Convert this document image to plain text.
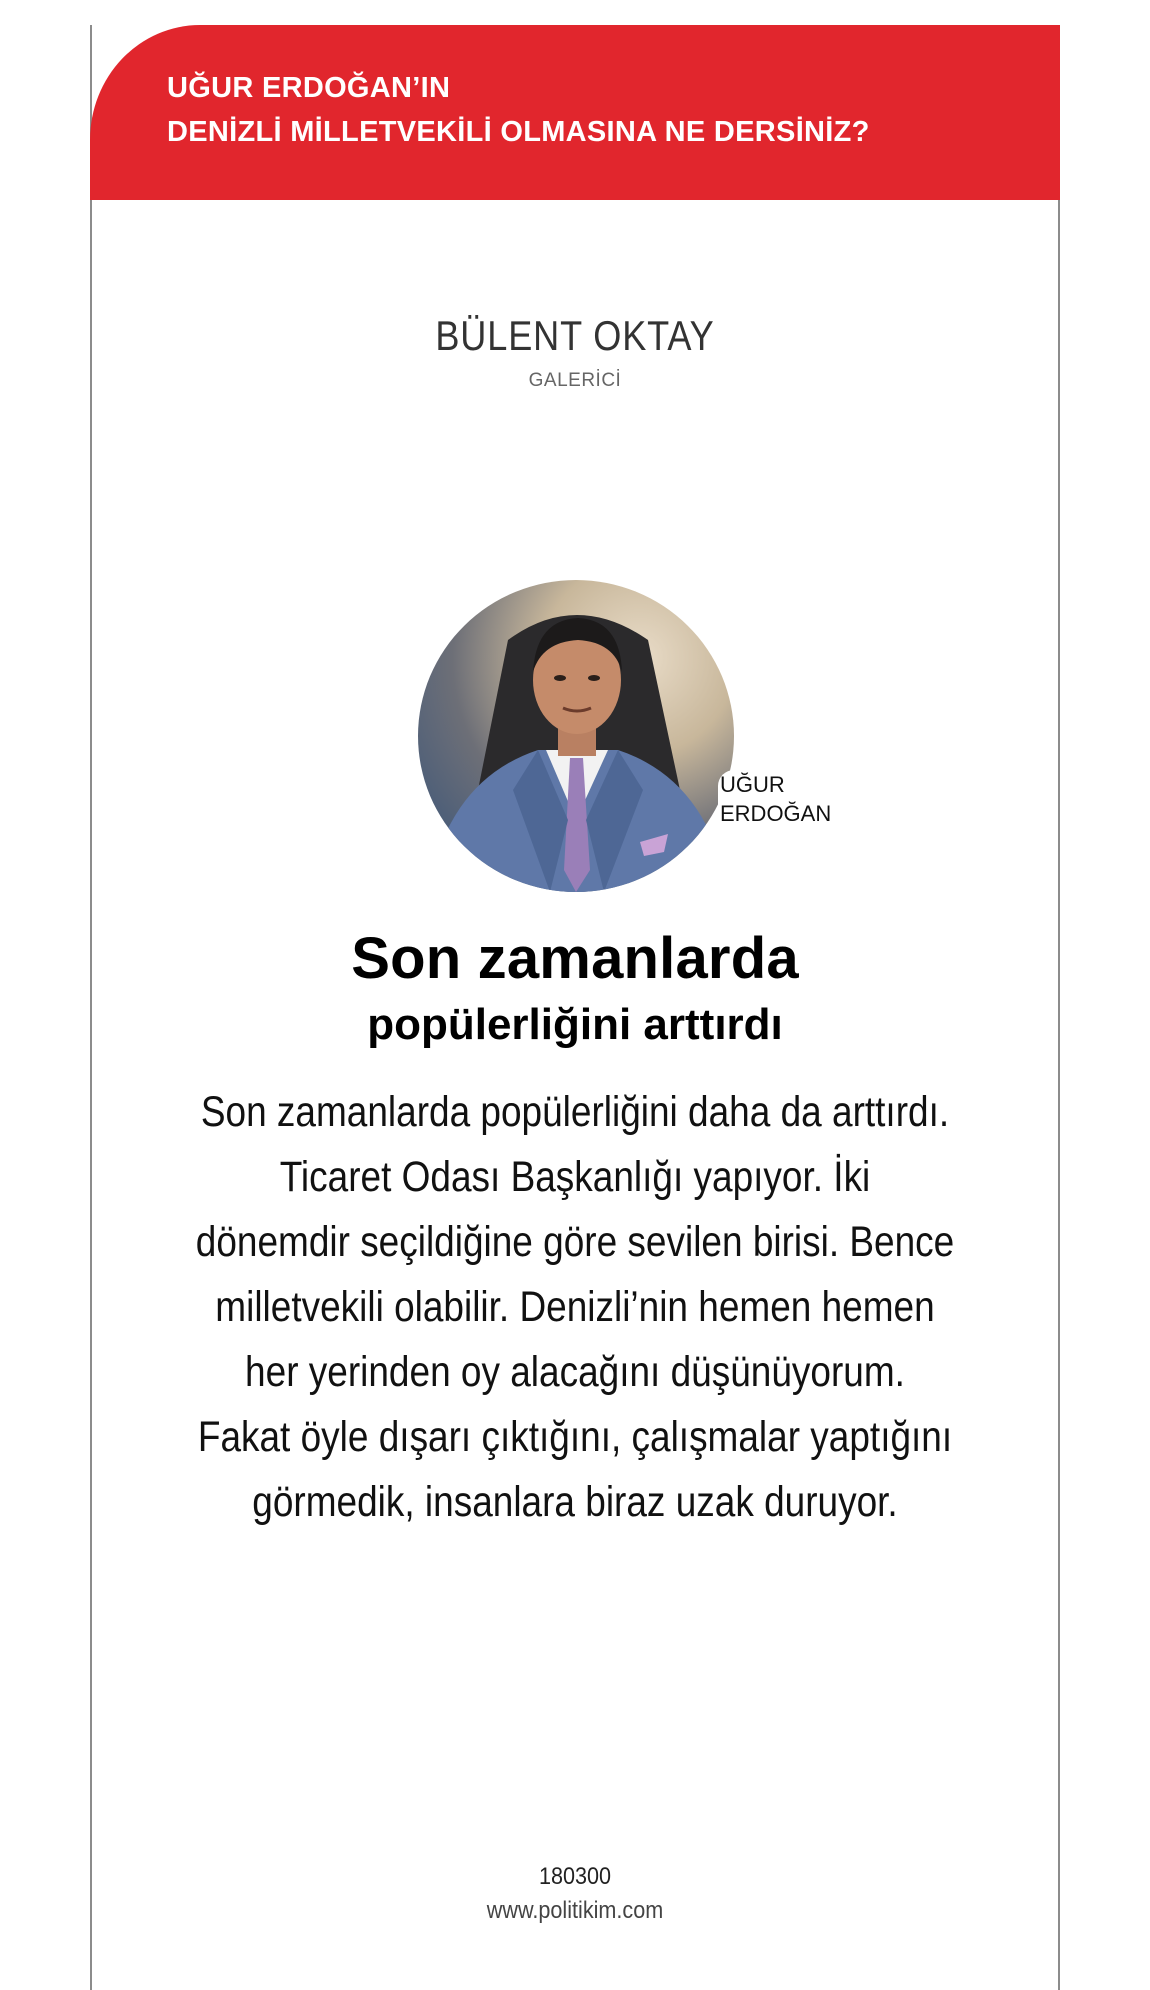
UĞUR ERDOĞAN’IN
DENİZLİ MİLLETVEKİLİ OLMASINA NE DERSİNİZ?
BÜLENT OKTAY
GALERİCİ
UĞUR
ERDOĞAN
Son zamanlarda
popülerliğini arttırdı
Son zamanlarda popülerliğini daha da arttırdı.
Ticaret Odası Başkanlığı yapıyor. İki
dönemdir seçildiğine göre sevilen birisi. Bence
milletvekili olabilir. Denizli’nin hemen hemen
her yerinden oy alacağını düşünüyorum.
Fakat öyle dışarı çıktığını, çalışmalar yaptığını
görmedik, insanlara biraz uzak duruyor.
180300
www.politikim.com
